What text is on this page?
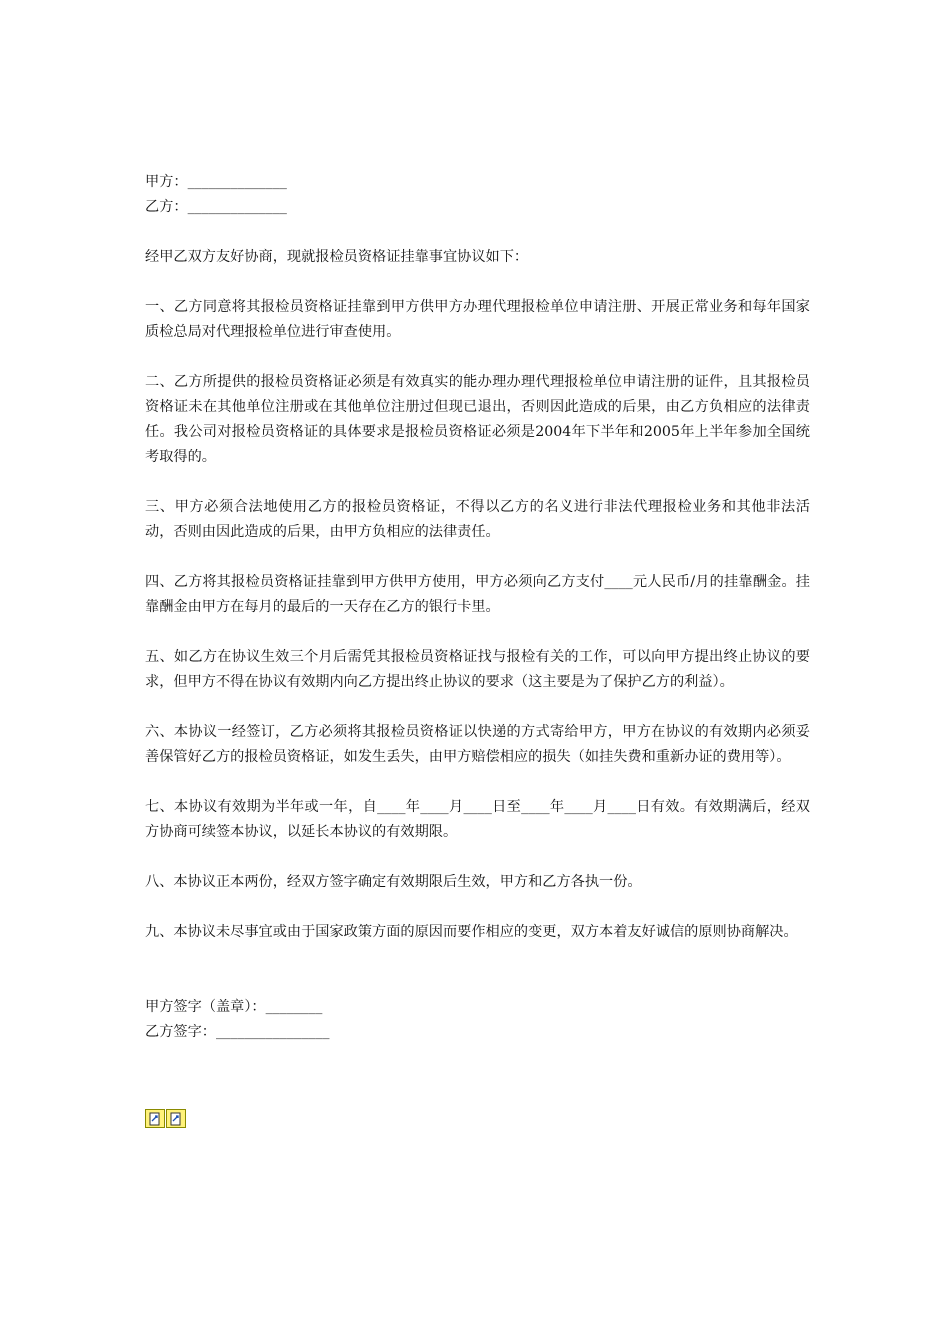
甲方：______________

乙方：______________

经甲乙双方友好协商，现就报检员资格证挂靠事宜协议如下：

一、乙方同意将其报检员资格证挂靠到甲方供甲方办理代理报检单位申请注册、开展正常业务和每年国家质检总局对代理报检单位进行审查使用。

二、乙方所提供的报检员资格证必须是有效真实的能办理办理代理报检单位申请注册的证件，且其报检员资格证未在其他单位注册或在其他单位注册过但现已退出，否则因此造成的后果，由乙方负相应的法律责任。我公司对报检员资格证的具体要求是报检员资格证必须是2004年下半年和2005年上半年参加全国统考取得的。

三、甲方必须合法地使用乙方的报检员资格证，不得以乙方的名义进行非法代理报检业务和其他非法活动，否则由因此造成的后果，由甲方负相应的法律责任。

四、乙方将其报检员资格证挂靠到甲方供甲方使用，甲方必须向乙方支付____元人民币/月的挂靠酬金。挂靠酬金由甲方在每月的最后的一天存在乙方的银行卡里。

五、如乙方在协议生效三个月后需凭其报检员资格证找与报检有关的工作，可以向甲方提出终止协议的要求，但甲方不得在协议有效期内向乙方提出终止协议的要求（这主要是为了保护乙方的利益）。

六、本协议一经签订，乙方必须将其报检员资格证以快递的方式寄给甲方，甲方在协议的有效期内必须妥善保管好乙方的报检员资格证，如发生丢失，由甲方赔偿相应的损失（如挂失费和重新办证的费用等）。

七、本协议有效期为半年或一年，自____年____月____日至____年____月____日有效。有效期满后，经双方协商可续签本协议，以延长本协议的有效期限。

八、本协议正本两份，经双方签字确定有效期限后生效，甲方和乙方各执一份。

九、本协议未尽事宜或由于国家政策方面的原因而要作相应的变更，双方本着友好诚信的原则协商解决。

甲方签字（盖章）：________

乙方签字：________________
